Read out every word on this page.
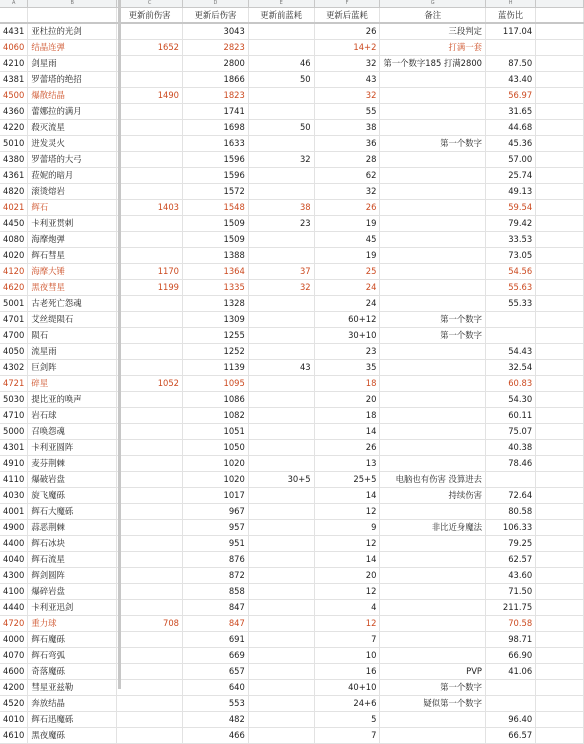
A	B	C	D	E	F	G	H	
		更新前伤害	更新后伤害	更新前蓝耗	更新后蓝耗	备注	蓝伤比	
4431	亚杜拉的光剑		3043		26	三段判定	117.04	
4060	结晶连弹	1652	2823		14+2	打满一套		
4210	剑星雨		2800	46	32	第一个数字185 打满2800	87.50	
4381	罗蕾塔的绝招		1866	50	43		43.40	
4500	爆散结晶	1490	1823		32		56.97	
4360	蕾娜拉的满月		1741		55		31.65	
4220	殺灭流星		1698	50	38		44.68	
5010	迸发灵火		1633		36	第一个数字	45.36	
4380	罗蕾塔的大弓		1596	32	28		57.00	
4361	菈妮的暗月		1596		62		25.74	
4820	滚烫熔岩		1572		32		49.13	
4021	辉石	1403	1548	38	26		59.54	
4450	卡利亚贯剌		1509	23	19		79.42	
4080	海摩炮弹		1509		45		33.53	
4020	辉石彗星		1388		19		73.05	
4120	海摩大锤	1170	1364	37	25		54.56	
4620	黑夜彗星	1199	1335	32	24		55.63	
5001	古老死亡怨魂		1328		24		55.33	
4701	艾丝缇陨石		1309		60+12	第一个数字		
4700	陨石		1255		30+10	第一个数字		
4050	流星雨		1252		23		54.43	
4302	巨剑阵		1139	43	35		32.54	
4721	碎星	1052	1095		18		60.83	
5030	提比亚的唤声		1086		20		54.30	
4710	岩石球		1082		18		60.11	
5000	召唤怨魂		1051		14		75.07	
4301	卡利亚圆阵		1050		26		40.38	
4910	麦芬荆棘		1020		13		78.46	
4110	爆破岩盘		1020	30+5	25+5	电脑也有伤害 没算进去		
4030	旋飞魔砾		1017		14	持续伤害	72.64	
4001	辉石大魔砾		967		12		80.58	
4900	蒜恶荆棘		957		9	非比近身魔法	106.33	
4400	辉石冰块		951		12		79.25	
4040	辉石流星		876		14		62.57	
4300	辉剑圆阵		872		20		43.60	
4100	爆碎岩盘		858		12		71.50	
4440	卡利亚迅剑		847		4		211.75	
4720	重力球	708	847		12		70.58	
4000	辉石魔砾		691		7		98.71	
4070	辉石弯弧		669		10		66.90	
4600	奇落魔砾		657		16	PVP	41.06	
4200	彗星亚兹勒		640		40+10	第一个数字		
4520	奔放结晶		553		24+6	疑似第一个数字		
4010	辉石迅魔砾		482		5		96.40	
4610	黑夜魔砾		466		7		66.57	
